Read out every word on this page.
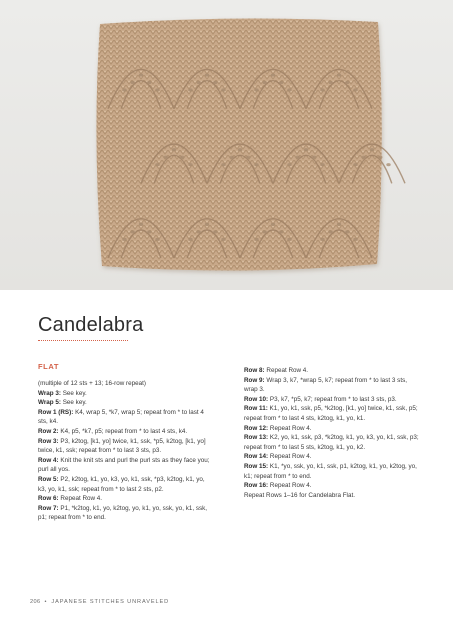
Candelabra
FLAT

(multiple of 12 sts + 13; 16-row repeat)

Wrap 3: See key.

Wrap 5: See key.

Row 1 (RS): K4, wrap 5, *k7, wrap 5; repeat from * to last 4 sts, k4.

Row 2: K4, p5, *k7, p5; repeat from * to last 4 sts, k4.

Row 3: P3, k2tog, [k1, yo] twice, k1, ssk, *p5, k2tog, [k1, yo] twice, k1, ssk; repeat from * to last 3 sts, p3.

Row 4: Knit the knit sts and purl the purl sts as they face you; purl all yos.

Row 5: P2, k2tog, k1, yo, k3, yo, k1, ssk, *p3, k2tog, k1, yo, k3, yo, k1, ssk; repeat from * to last 2 sts, p2.

Row 6: Repeat Row 4.

Row 7: P1, *k2tog, k1, yo, k2tog, yo, k1, yo, ssk, yo, k1, ssk, p1; repeat from * to end.

Row 8: Repeat Row 4.

Row 9: Wrap 3, k7, *wrap 5, k7; repeat from * to last 3 sts, wrap 3.

Row 10: P3, k7, *p5, k7; repeat from * to last 3 sts, p3.

Row 11: K1, yo, k1, ssk, p5, *k2tog, [k1, yo] twice, k1, ssk, p5; repeat from * to last 4 sts, k2tog, k1, yo, k1.

Row 12: Repeat Row 4.

Row 13: K2, yo, k1, ssk, p3, *k2tog, k1, yo, k3, yo, k1, ssk, p3; repeat from * to last 5 sts, k2tog, k1, yo, k2.

Row 14: Repeat Row 4.

Row 15: K1, *yo, ssk, yo, k1, ssk, p1, k2tog, k1, yo, k2tog, yo, k1; repeat from * to end.

Row 16: Repeat Row 4.

Repeat Rows 1–16 for Candelabra Flat.

206 • JAPANESE STITCHES UNRAVELED
